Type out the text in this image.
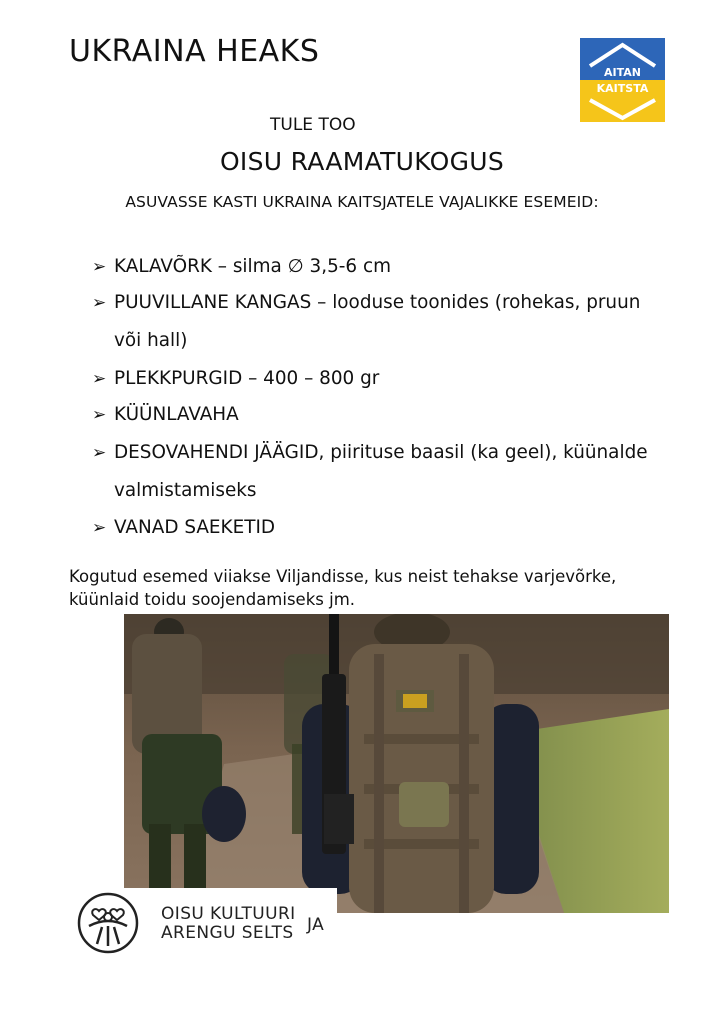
UKRAINA HEAKS
AITAN
KAITSTA
TULE TOO
OISU RAAMATUKOGUS
ASUVASSE KASTI UKRAINA KAITSJATELE VAJALIKKE ESEMEID:
➢ KALAVÕRK – silma ∅ 3,5-6 cm
➢ PUUVILLANE KANGAS – looduse toonides (rohekas, pruun
või hall)
➢ PLEKKPURGID – 400 – 800 gr
➢ KÜÜNLAVAHA
➢ DESOVAHENDI JÄÄGID, piirituse baasil (ka geel), küünalde
valmistamiseks
➢ VANAD SAEKETID
Kogutud esemed viiakse Viljandisse, kus neist tehakse varjevõrke,
küünlaid toidu soojendamiseks jm.
OISU KULTUURI
ARENGU SELTS JA
